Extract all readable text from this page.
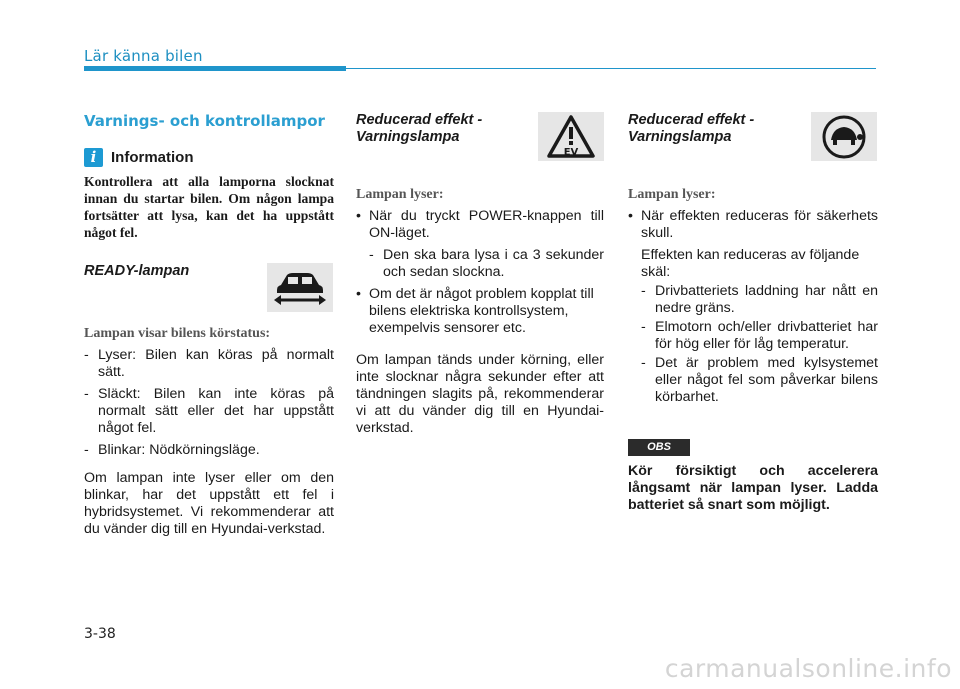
Lär känna bilen
Varnings- och kontrollampor
i Information
Kontrollera att alla lamporna slocknat innan du startar bilen. Om någon lampa fortsätter att lysa, kan det ha uppstått något fel.
READY-lampan
Lampan visar bilens körstatus:
- Lyser: Bilen kan köras på normalt sätt.
- Släckt: Bilen kan inte köras på normalt sätt eller det har uppstått något fel.
- Blinkar: Nödkörningsläge.
Om lampan inte lyser eller om den blinkar, har det uppstått ett fel i hybridsystemet. Vi rekommenderar att du vänder dig till en Hyundai-verkstad.
Reducerad effekt -
Varningslampa
EV
Lampan lyser:
• När du tryckt POWER-knappen till ON-läget.
- Den ska bara lysa i ca 3 sekunder och sedan slockna.
• Om det är något problem kopplat till bilens elektriska kontrollsystem, exempelvis sensorer etc.
Om lampan tänds under körning, eller inte slocknar några sekunder efter att tändningen slagits på, rekommenderar vi att du vänder dig till en Hyundai-verkstad.
Reducerad effekt -
Varningslampa
Lampan lyser:
• När effekten reduceras för säkerhets skull.
Effekten kan reduceras av följande skäl:
- Drivbatteriets laddning har nått en nedre gräns.
- Elmotorn och/eller drivbatteriet har för hög eller för låg temperatur.
- Det är problem med kylsystemet eller något fel som påverkar bilens körbarhet.
OBS
Kör försiktigt och accelerera långsamt när lampan lyser. Ladda batteriet så snart som möjligt.
3-38
carmanualsonline.info
